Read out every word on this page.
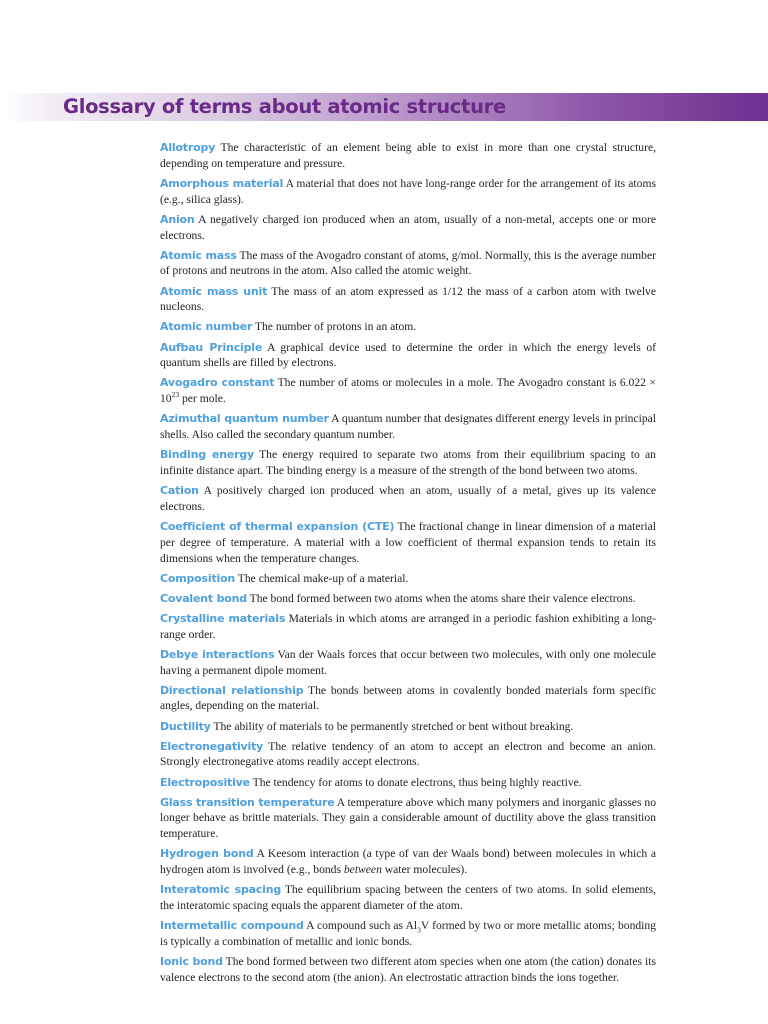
Glossary of terms about atomic structure
Allotropy The characteristic of an element being able to exist in more than one crystal structure, depending on temperature and pressure.
Amorphous material A material that does not have long-range order for the arrangement of its atoms (e.g., silica glass).
Anion A negatively charged ion produced when an atom, usually of a non-metal, accepts one or more electrons.
Atomic mass The mass of the Avogadro constant of atoms, g/mol. Normally, this is the average number of protons and neutrons in the atom. Also called the atomic weight.
Atomic mass unit The mass of an atom expressed as 1/12 the mass of a carbon atom with twelve nucleons.
Atomic number The number of protons in an atom.
Aufbau Principle A graphical device used to determine the order in which the energy levels of quantum shells are filled by electrons.
Avogadro constant The number of atoms or molecules in a mole. The Avogadro constant is $6.022 \times 10^{23}$ per mole.
Azimuthal quantum number A quantum number that designates different energy levels in principal shells. Also called the secondary quantum number.
Binding energy The energy required to separate two atoms from their equilibrium spacing to an infinite distance apart. The binding energy is a measure of the strength of the bond between two atoms.
Cation A positively charged ion produced when an atom, usually of a metal, gives up its valence electrons.
Coefficient of thermal expansion (CTE) The fractional change in linear dimension of a material per degree of temperature. A material with a low coefficient of thermal expansion tends to retain its dimensions when the temperature changes.
Composition The chemical make-up of a material.
Covalent bond The bond formed between two atoms when the atoms share their valence electrons.
Crystalline materials Materials in which atoms are arranged in a periodic fashion exhibiting a long-range order.
Debye interactions Van der Waals forces that occur between two molecules, with only one molecule having a permanent dipole moment.
Directional relationship The bonds between atoms in covalently bonded materials form specific angles, depending on the material.
Ductility The ability of materials to be permanently stretched or bent without breaking.
Electronegativity The relative tendency of an atom to accept an electron and become an anion. Strongly electronegative atoms readily accept electrons.
Electropositive The tendency for atoms to donate electrons, thus being highly reactive.
Glass transition temperature A temperature above which many polymers and inorganic glasses no longer behave as brittle materials. They gain a considerable amount of ductility above the glass transition temperature.
Hydrogen bond A Keesom interaction (a type of van der Waals bond) between molecules in which a hydrogen atom is involved (e.g., bonds between water molecules).
Interatomic spacing The equilibrium spacing between the centers of two atoms. In solid elements, the interatomic spacing equals the apparent diameter of the atom.
Intermetallic compound A compound such as $Al_3V$ formed by two or more metallic atoms; bonding is typically a combination of metallic and ionic bonds.
Ionic bond The bond formed between two different atom species when one atom (the cation) donates its valence electrons to the second atom (the anion). An electrostatic attraction binds the ions together.
